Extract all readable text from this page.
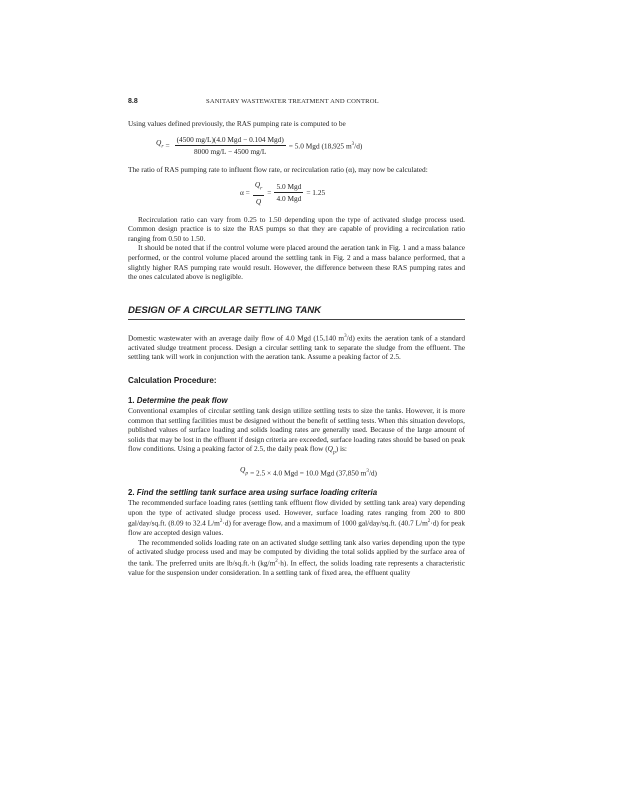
8.8	SANITARY WASTEWATER TREATMENT AND CONTROL

Using values defined previously, the RAS pumping rate is computed to be

$Q_r = \frac{\text{(4500 mg/L)(4.0 Mgd − 0.104 Mgd)}}{8000 mg/L - 4500 mg/L} = 5.0$ Mgd (18,925 $m^3/d$)

The ratio of RAS pumping rate to influent flow rate, or recirculation ratio (α), may now be calculated:

$\alpha = \frac{Q_r}{Q} = \frac{\text{5.0 Mgd}}{\text{4.0 Mgd}} = 1.25$

Recirculation ratio can vary from 0.25 to 1.50 depending upon the type of activated sludge process used. Common design practice is to size the RAS pumps so that they are capable of providing a recirculation ratio ranging from 0.50 to 1.50.

It should be noted that if the control volume were placed around the aeration tank in Fig. 1 and a mass balance performed, or the control volume placed around the settling tank in Fig. 2 and a mass balance performed, that a slightly higher RAS pumping rate would result. However, the difference between these RAS pumping rates and the ones calculated above is negligible.

DESIGN OF A CIRCULAR SETTLING TANK

Domestic wastewater with an average daily flow of 4.0 Mgd (15,140 $m^3/d$) exits the aeration tank of a standard activated sludge treatment process. Design a circular settling tank to separate the sludge from the effluent. The settling tank will work in conjunction with the aeration tank. Assume a peaking factor of 2.5.

Calculation Procedure:
1. Determine the peak flow

Conventional examples of circular settling tank design utilize settling tests to size the tanks. However, it is more common that settling facilities must be designed without the benefit of settling tests. When this situation develops, published values of surface loading and solids loading rates are generally used. Because of the large amount of solids that may be lost in the effluent if design criteria are exceeded, surface loading rates should be based on peak flow conditions. Using a peaking factor of 2.5, the daily peak flow $(Q_p)$ is:

$Q_p = 2.5 \times 4.0$ Mgd = 10.0 Mgd (37,850 $m^3/d$)
2. Find the settling tank surface area using surface loading criteria

The recommended surface loading rates (settling tank effluent flow divided by settling tank area) vary depending upon the type of activated sludge process used. However, surface loading rates ranging from 200 to 800 gal/day/sq.ft. (8.09 to 32.4 $L/m^2\cdot d$) for average flow, and a maximum of 1000 gal/day/sq.ft. (40.7 $L/m^2\cdot d$) for peak flow are accepted design values.

The recommended solids loading rate on an activated sludge settling tank also varies depending upon the type of activated sludge process used and may be computed by dividing the total solids applied by the surface area of the tank. The preferred units are lb/sq.ft.·h $(kg/m^2\cdot h)$. In effect, the solids loading rate represents a characteristic value for the suspension under consideration. In a settling tank of fixed area, the effluent quality
